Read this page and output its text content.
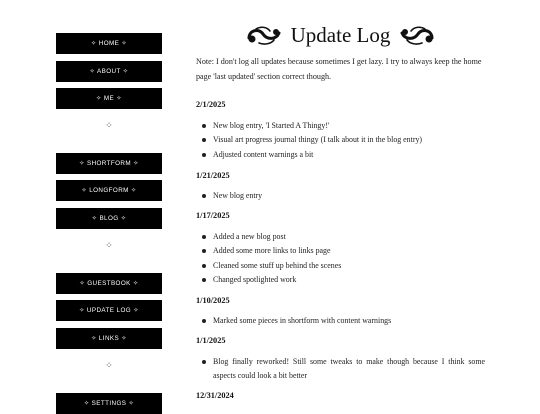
✧ HOME ✧
✧ ABOUT ✧
✧ ME ✧
⁘
✧ SHORTFORM ✧
✧ LONGFORM ✧
✧ BLOG ✧
⁘
✧ GUESTBOOK ✧
✧ UPDATE LOG ✧
✧ LINKS ✧
⁘
✧ SETTINGS ✧
Update Log
Note: I don't log all updates because sometimes I get lazy. I try to always keep the home page 'last updated' section correct though.
2/1/2025
New blog entry, 'I Started A Thingy!'
Visual art progress journal thingy (I talk about it in the blog entry)
Adjusted content warnings a bit
1/21/2025
New blog entry
1/17/2025
Added a new blog post
Added some more links to links page
Cleaned some stuff up behind the scenes
Changed spotlighted work
1/10/2025
Marked some pieces in shortform with content warnings
1/1/2025
Blog finally reworked! Still some tweaks to make though because I think some aspects could look a bit better
12/31/2024
